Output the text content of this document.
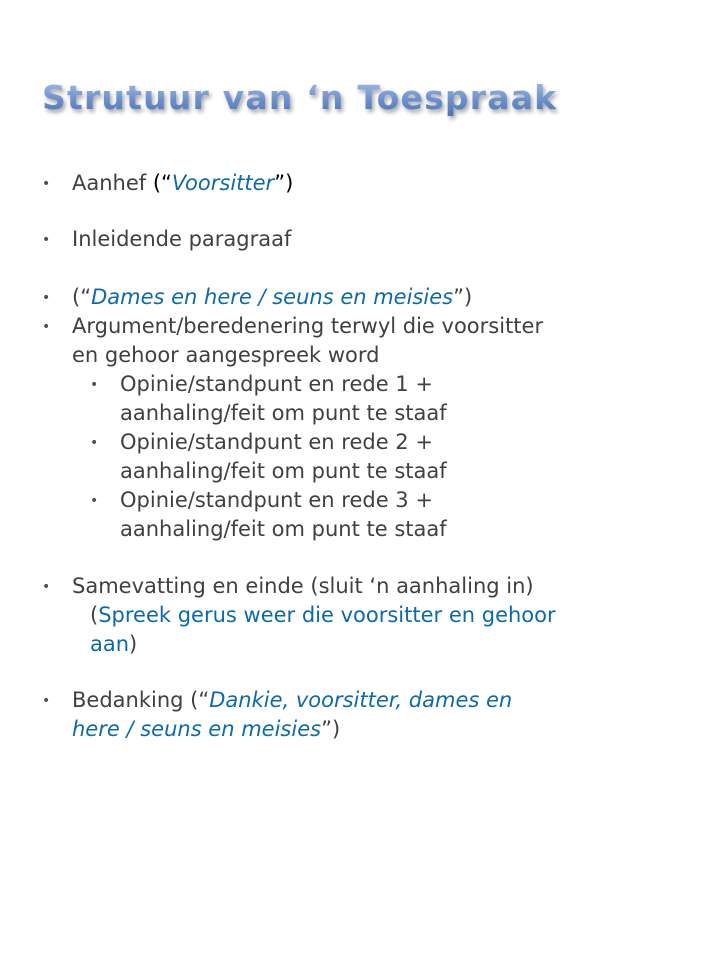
Strutuur van ‘n Toespraak
• Aanhef (“Voorsitter”)
• Inleidende paragraaf
• (“Dames en here / seuns en meisies”)
• Argument/beredenering terwyl die voorsitter
en gehoor aangespreek word
• Opinie/standpunt en rede 1 +
aanhaling/feit om punt te staaf
• Opinie/standpunt en rede 2 +
aanhaling/feit om punt te staaf
• Opinie/standpunt en rede 3 +
aanhaling/feit om punt te staaf
• Samevatting en einde (sluit ‘n aanhaling in)
(Spreek gerus weer die voorsitter en gehoor
aan)
• Bedanking (“Dankie, voorsitter, dames en
here / seuns en meisies”)
